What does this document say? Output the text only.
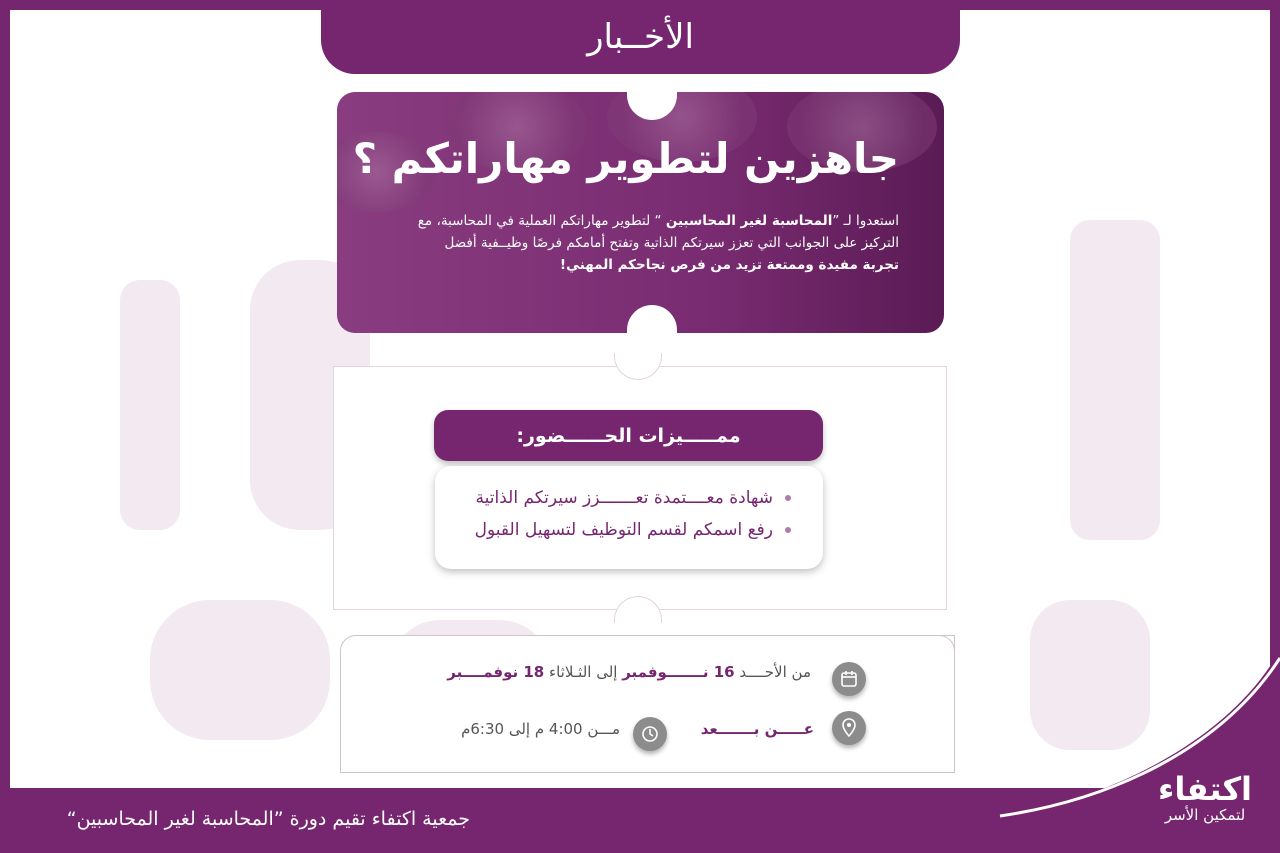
الأخــبار
جاهزين لتطوير مهاراتكم ؟
استعدوا لـ ”المحاسبة لغير المحاسبين “ لتطوير مهاراتكم العملية في المحاسبة، مع
التركيز على الجوانب التي تعزز سيرتكم الذاتية وتفتح أمامكم فرصًا وظيــفية أفضل
تجربة مفيدة وممتعة تزيد من فرص نجاحكم المهني!
ممـــــيزات الحــــــضور:
شهادة معــــتمدة تعـــــــزز سيرتكم الذاتية
رفع اسمكم لقسم التوظيف لتسهيل القبول
من الأحــــد 16 نـــــــوفمبر إلى الثـلاثاء 18 نوفمــــبر
عـــــن بـــــــعد
مـــن 4:00 م إلى 6:30م
جمعية اكتفاء تقيم دورة ”المحاسبة لغير المحاسبين“
اكتفاء
لتمكين الأسر
